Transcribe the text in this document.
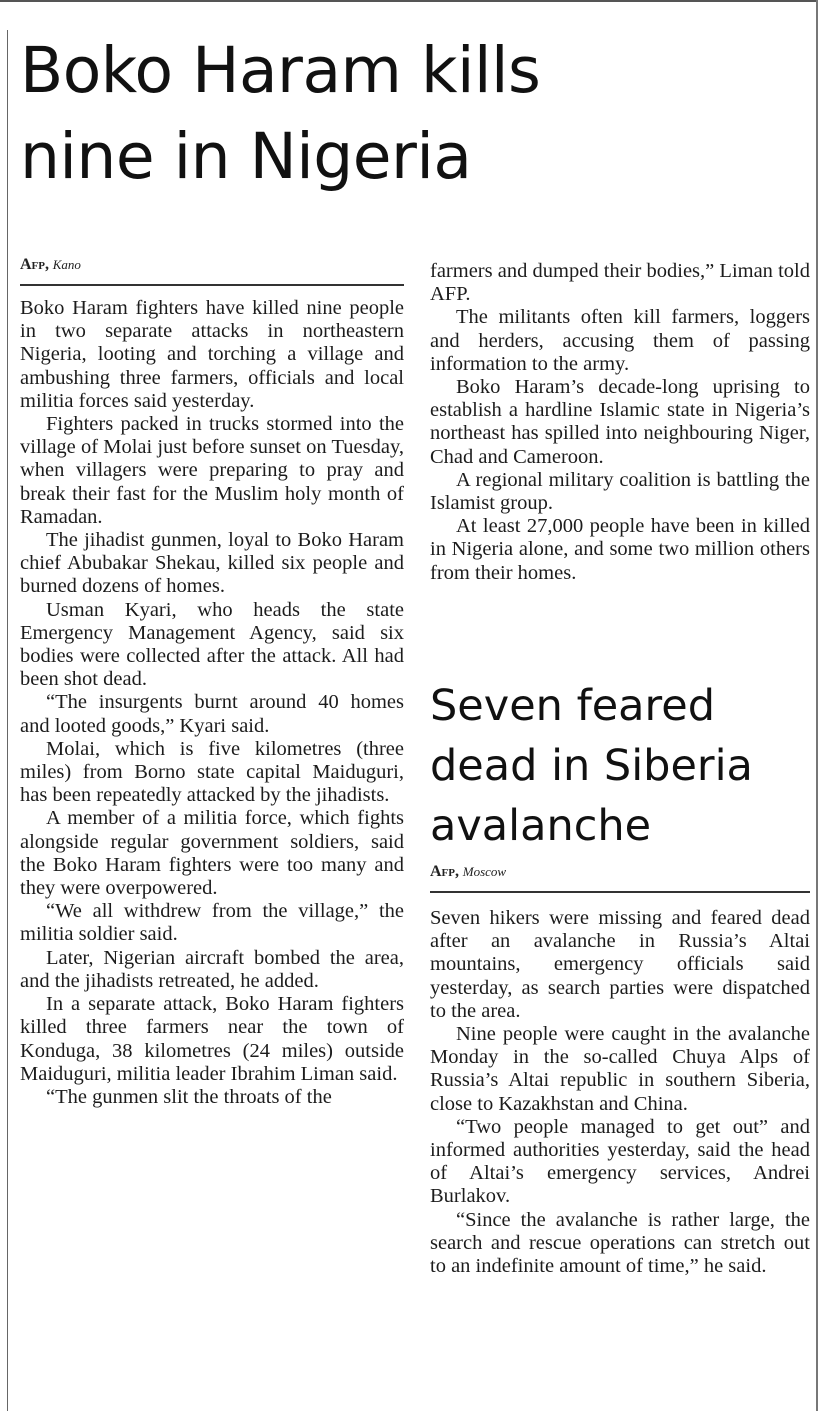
Boko Haram kills
nine in Nigeria
Afp, Kano

Boko Haram fighters have killed nine people in two separate attacks in northeastern Nigeria, looting and torching a village and ambushing three farmers, officials and local militia forces said yesterday.

Fighters packed in trucks stormed into the village of Molai just before sunset on Tuesday, when villagers were preparing to pray and break their fast for the Muslim holy month of Ramadan.

The jihadist gunmen, loyal to Boko Haram chief Abubakar Shekau, killed six people and burned dozens of homes.

Usman Kyari, who heads the state Emergency Management Agency, said six bodies were collected after the attack. All had been shot dead.

“The insurgents burnt around 40 homes and looted goods,” Kyari said.

Molai, which is five kilometres (three miles) from Borno state capital Maiduguri, has been repeatedly attacked by the jihadists.

A member of a militia force, which fights alongside regular government soldiers, said the Boko Haram fighters were too many and they were overpowered.

“We all withdrew from the village,” the militia soldier said.

Later, Nigerian aircraft bombed the area, and the jihadists retreated, he added.

In a separate attack, Boko Haram fighters killed three farmers near the town of Konduga, 38 kilometres (24 miles) outside Maiduguri, militia leader Ibrahim Liman said.

“The gunmen slit the throats of the

farmers and dumped their bodies,” Liman told AFP.

The militants often kill farmers, loggers and herders, accusing them of passing information to the army.

Boko Haram’s decade-long uprising to establish a hardline Islamic state in Nigeria’s northeast has spilled into neighbouring Niger, Chad and Cameroon.

A regional military coalition is battling the Islamist group.

At least 27,000 people have been in killed in Nigeria alone, and some two million others from their homes.

Seven feared
dead in Siberia
avalanche
Afp, Moscow

Seven hikers were missing and feared dead after an avalanche in Russia’s Altai mountains, emergency officials said yesterday, as search parties were dispatched to the area.

Nine people were caught in the avalanche Monday in the so-called Chuya Alps of Russia’s Altai republic in southern Siberia, close to Kazakhstan and China.

“Two people managed to get out” and informed authorities yesterday, said the head of Altai’s emergency services, Andrei Burlakov.

“Since the avalanche is rather large, the search and rescue operations can stretch out to an indefinite amount of time,” he said.
